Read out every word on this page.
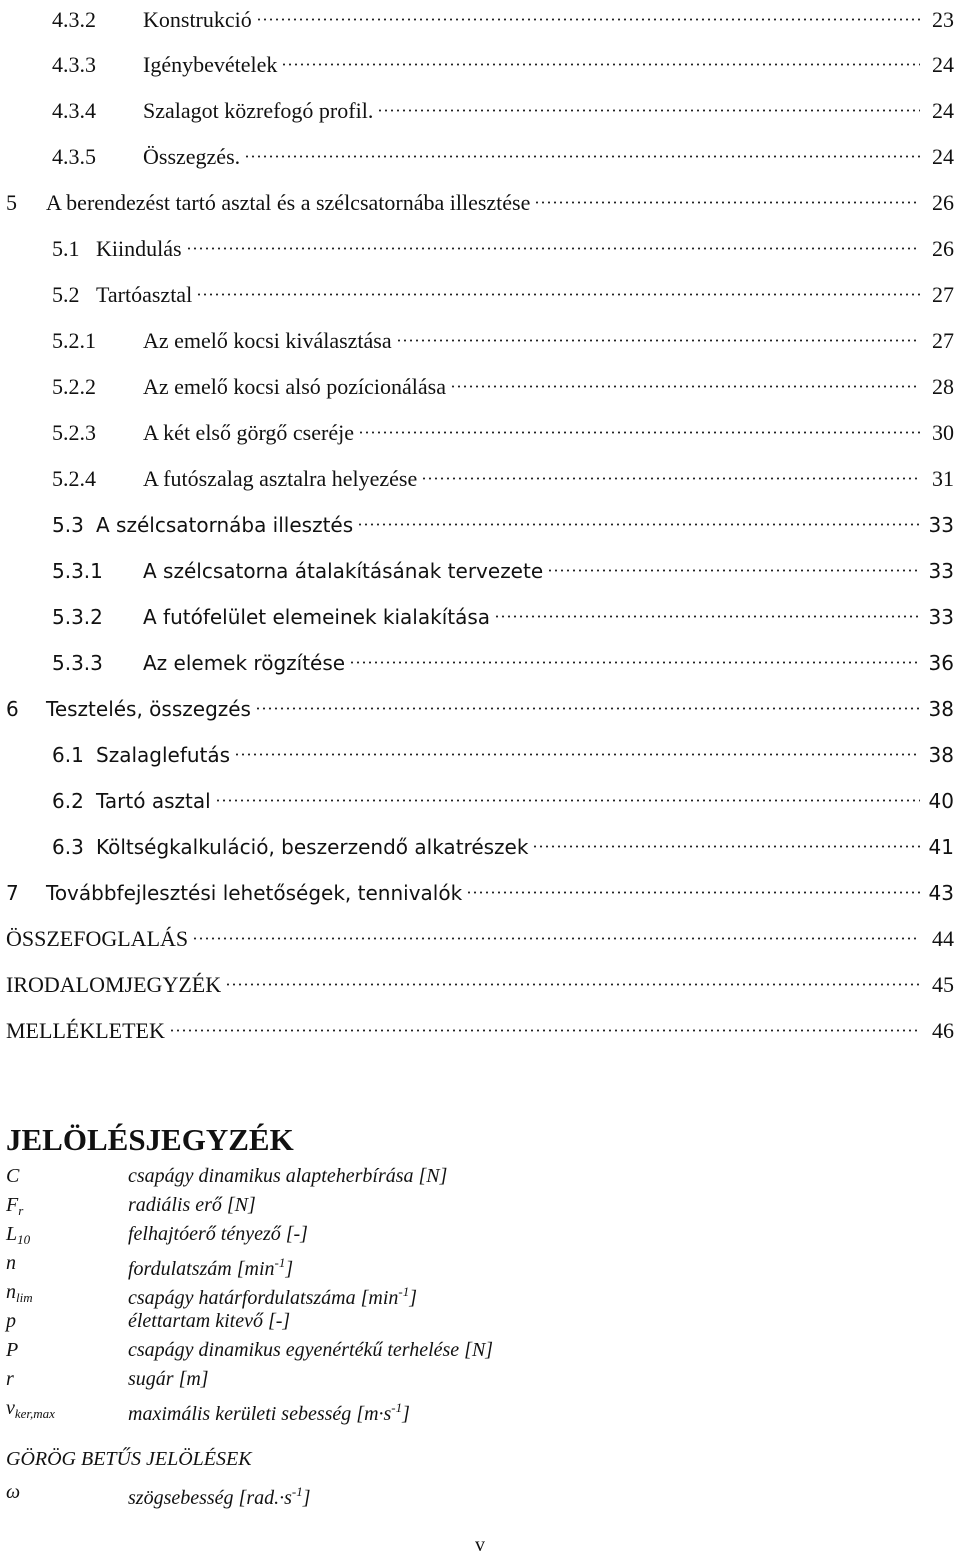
4.3.2 Konstrukció	23
4.3.3 Igénybevételek	24
4.3.4 Szalagot közrefogó profil.	24
4.3.5 Összegzés.	24
5 A berendezést tartó asztal és a szélcsatornába illesztése	26
5.1 Kiindulás	26
5.2 Tartóasztal	27
5.2.1 Az emelő kocsi kiválasztása	27
5.2.2 Az emelő kocsi alsó pozícionálása	28
5.2.3 A két első görgő cseréje	30
5.2.4 A futószalag asztalra helyezése	31
5.3 A szélcsatornába illesztés	33
5.3.1 A szélcsatorna átalakításának tervezete	33
5.3.2 A futófelület elemeinek kialakítása	33
5.3.3 Az elemek rögzítése	36
6 Tesztelés, összegzés	38
6.1 Szalaglefutás	38
6.2 Tartó asztal	40
6.3 Költségkalkuláció, beszerzendő alkatrészek	41
7 Továbbfejlesztési lehetőségek, tennivalók	43
ÖSSZEFOGLALÁS	44
IRODALOMJEGYZÉK	45
MELLÉKLETEK	46
JELÖLÉSJEGYZÉK
C	csapágy dinamikus alapteherbírása [N]
$F_r$	radiális erő [N]
$L_{10}$	felhajtóerő tényező [-]
n	fordulatszám $[\min^{-1}]$
$n_{lim}$	csapágy határfordulatszáma $[\min^{-1}]$
p	élettartam kitevő [-]
P	csapágy dinamikus egyenértékű terhelése [N]
r	sugár [m]
$v_{ker,max}$	maximális kerületi sebesség $[m\cdot s^{-1}]$
GÖRÖG BETŰS JELÖLÉSEK
ω	szögsebesség $[rad.\cdot s^{-1}]$
v
